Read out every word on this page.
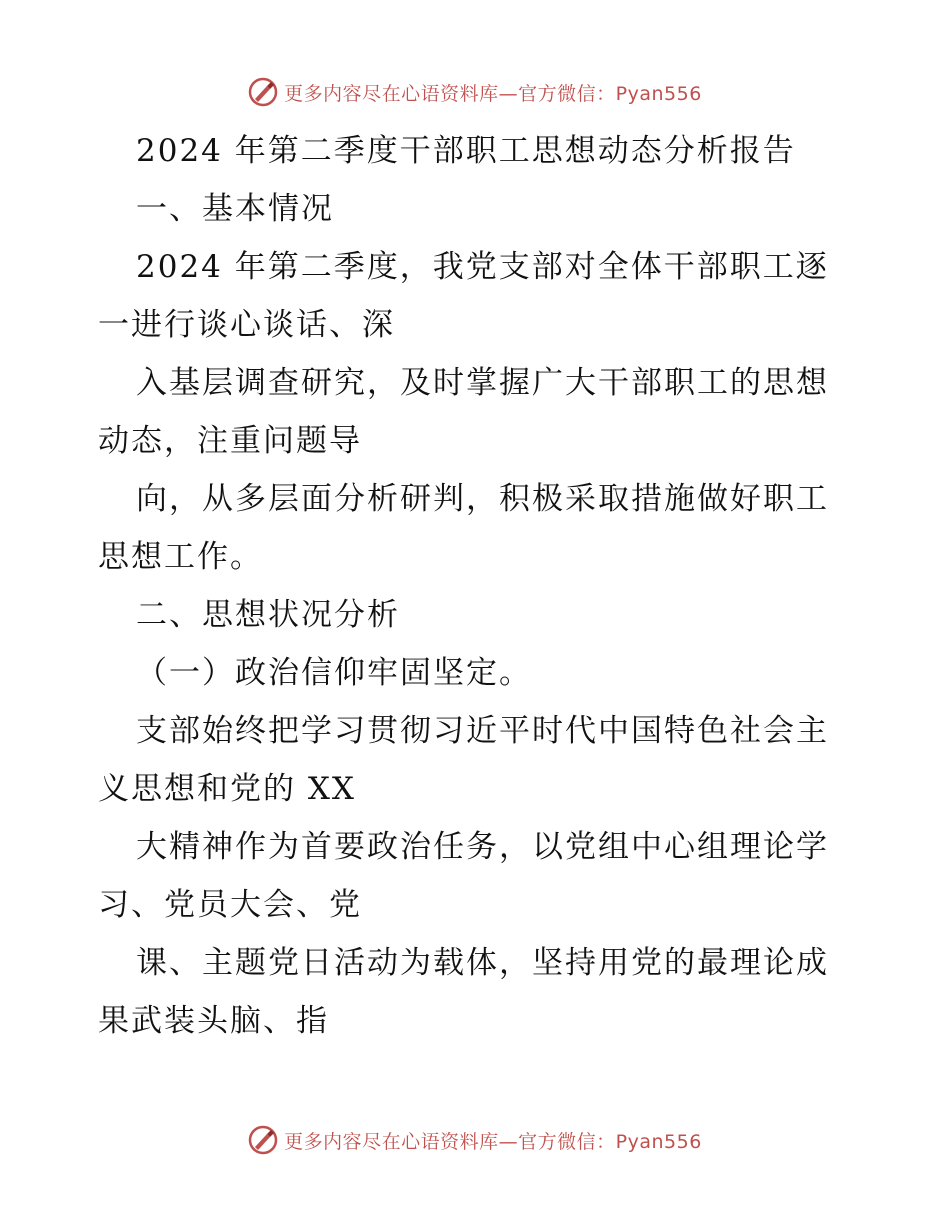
更多内容尽在心语资料库—官方微信：Pyan556
2024 年第二季度干部职工思想动态分析报告
一、基本情况
2024 年第二季度，我党支部对全体干部职工逐
一进行谈心谈话、深
入基层调查研究，及时掌握广大干部职工的思想
动态，注重问题导
向，从多层面分析研判，积极采取措施做好职工
思想工作。
二、思想状况分析
（一）政治信仰牢固坚定。
支部始终把学习贯彻习近平时代中国特色社会主
义思想和党的 XX
大精神作为首要政治任务，以党组中心组理论学
习、党员大会、党
课、主题党日活动为载体，坚持用党的最理论成
果武装头脑、指
更多内容尽在心语资料库—官方微信：Pyan556
